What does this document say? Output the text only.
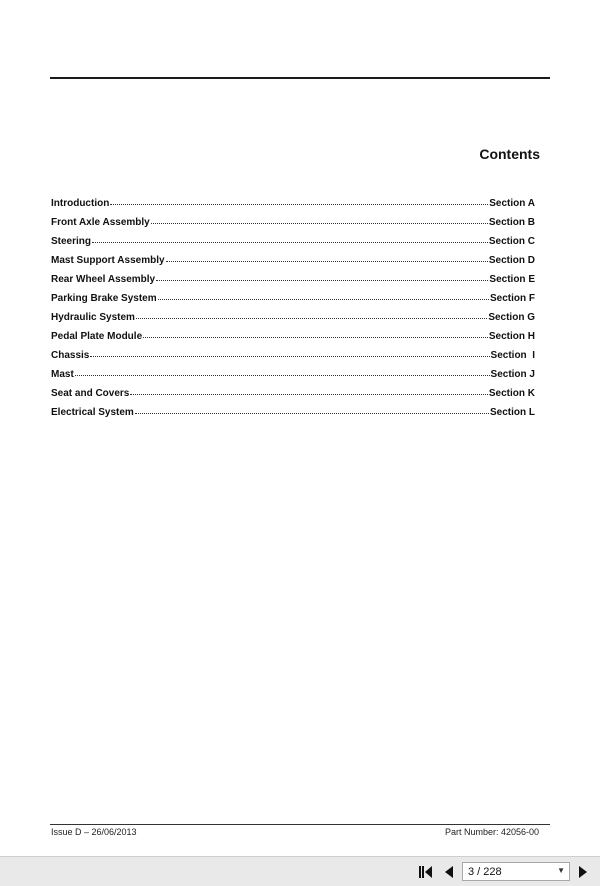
Contents
Introduction	Section A
Front Axle Assembly	Section B
Steering	Section C
Mast Support Assembly	Section D
Rear Wheel Assembly	Section E
Parking Brake System	Section F
Hydraulic System	Section G
Pedal Plate Module	Section H
Chassis	Section  I
Mast	Section J
Seat and Covers	Section K
Electrical System	Section L
Issue D – 26/06/2013	Part Number: 42056-00
3 / 228	▼
